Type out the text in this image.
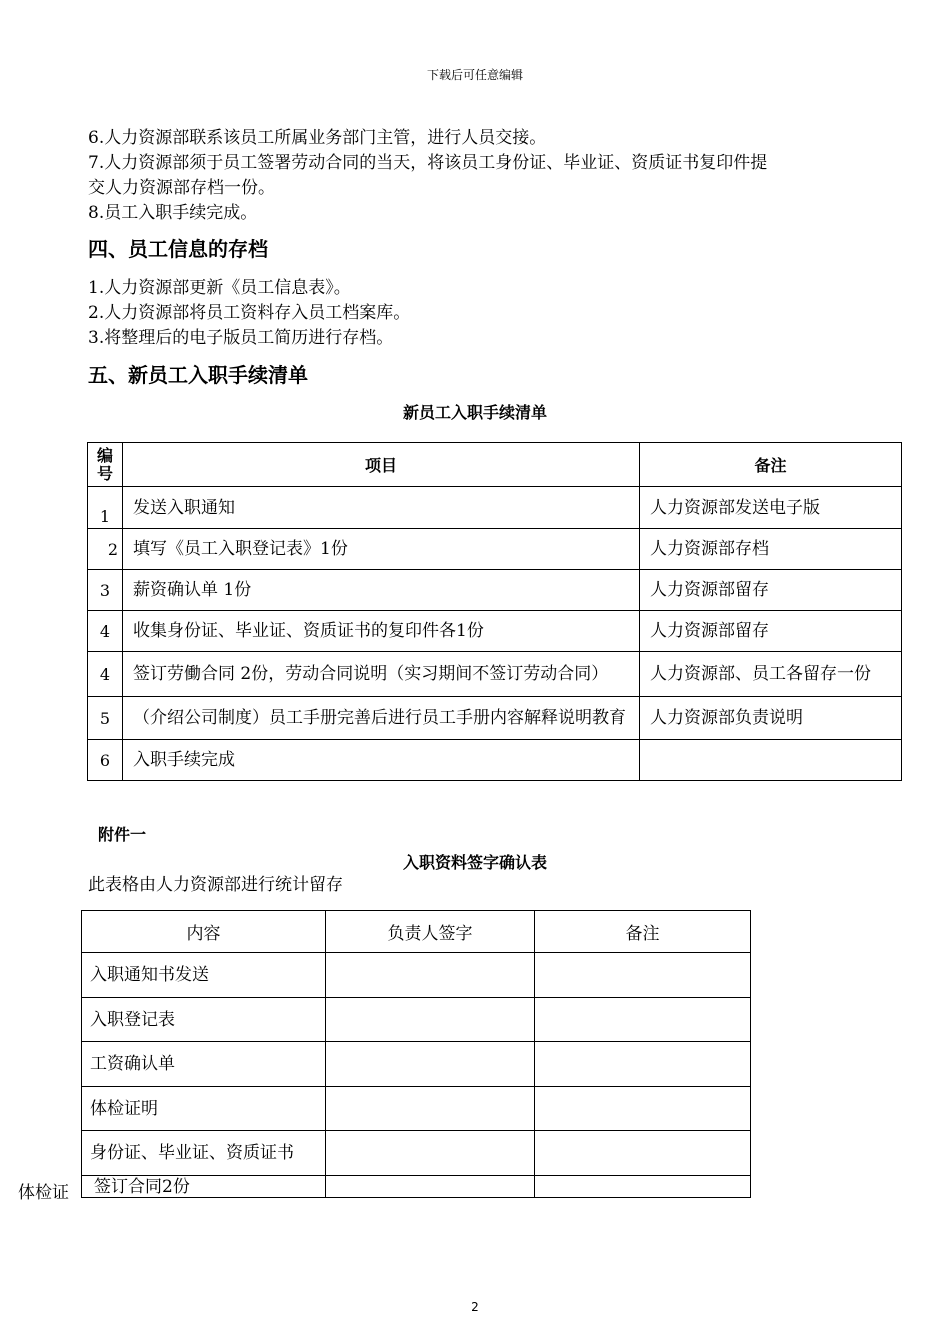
下载后可任意编辑
6.人力资源部联系该员工所属业务部门主管，进行人员交接。
7.人力资源部须于员工签署劳动合同的当天，将该员工身份证、毕业证、资质证书复印件提
交人力资源部存档一份。
8.员工入职手续完成。
四、员工信息的存档
1.人力资源部更新《员工信息表》。
2.人力资源部将员工资料存入员工档案库。
3.将整理后的电子版员工简历进行存档。
五、新员工入职手续清单
新员工入职手续清单
编号	项目	备注
1	发送入职通知	人力资源部发送电子版
2	填写《员工入职登记表》1份	人力资源部存档
3	薪资确认单 1份	人力资源部留存
4	收集身份证、毕业证、资质证书的复印件各1份	人力资源部留存
4	签订劳働合同 2份，劳动合同说明（实习期间不签订劳动合同）	人力资源部、员工各留存一份
5	（介绍公司制度）员工手册完善后进行员工手册内容解释说明教育	人力资源部负责说明
6	入职手续完成	
附件一
入职资料签字确认表
此表格由人力资源部进行统计留存
内容	负责人签字	备注
入职通知书发送		
入职登记表		
工资确认单		
体检证明		
身份证、毕业证、资质证书		
签订合同2份		
体检证
2
